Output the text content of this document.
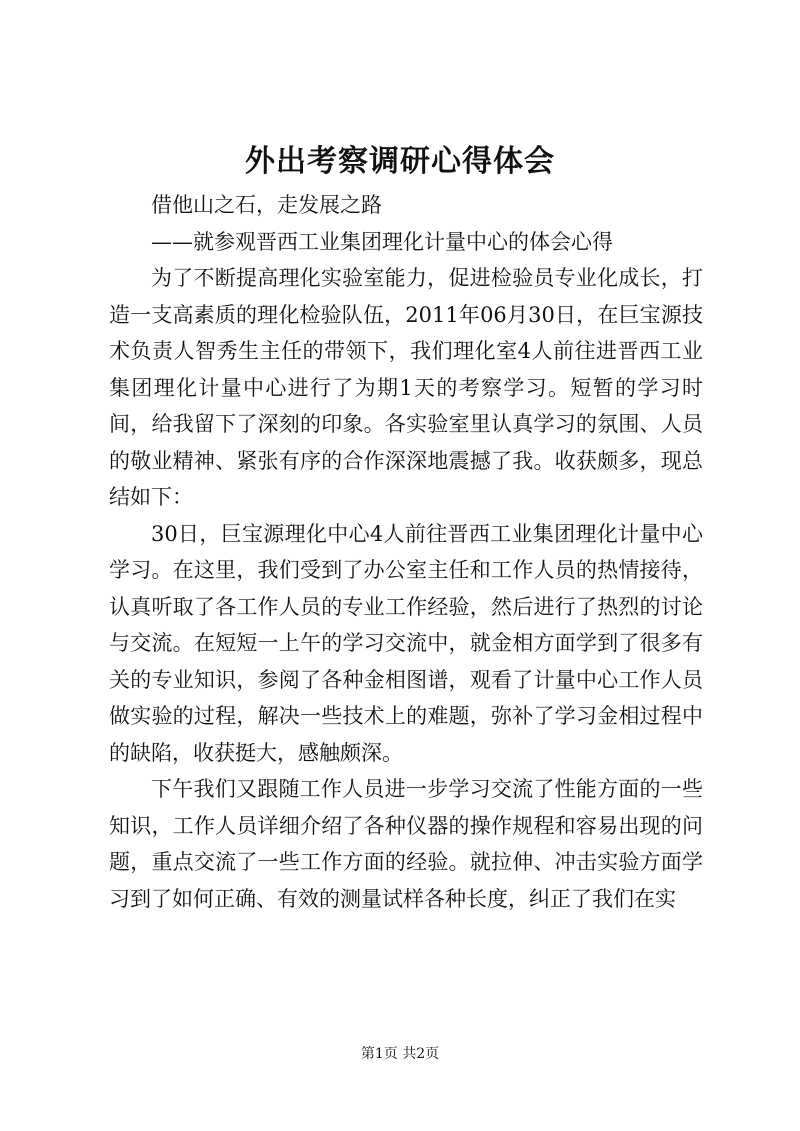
外出考察调研心得体会

借他山之石，走发展之路

——就参观晋西工业集团理化计量中心的体会心得

为了不断提高理化实验室能力，促进检验员专业化成长，打造一支高素质的理化检验队伍，2011年06月30日，在巨宝源技术负责人智秀生主任的带领下，我们理化室4人前往进晋西工业集团理化计量中心进行了为期1天的考察学习。短暂的学习时间，给我留下了深刻的印象。各实验室里认真学习的氛围、人员的敬业精神、紧张有序的合作深深地震撼了我。收获颇多，现总结如下：

30日，巨宝源理化中心4人前往晋西工业集团理化计量中心学习。在这里，我们受到了办公室主任和工作人员的热情接待，认真听取了各工作人员的专业工作经验，然后进行了热烈的讨论与交流。在短短一上午的学习交流中，就金相方面学到了很多有关的专业知识，参阅了各种金相图谱，观看了计量中心工作人员做实验的过程，解决一些技术上的难题，弥补了学习金相过程中的缺陷，收获挺大，感触颇深。

下午我们又跟随工作人员进一步学习交流了性能方面的一些知识，工作人员详细介绍了各种仪器的操作规程和容易出现的问题，重点交流了一些工作方面的经验。就拉伸、冲击实验方面学习到了如何正确、有效的测量试样各种长度，纠正了我们在实

第1页 共2页
